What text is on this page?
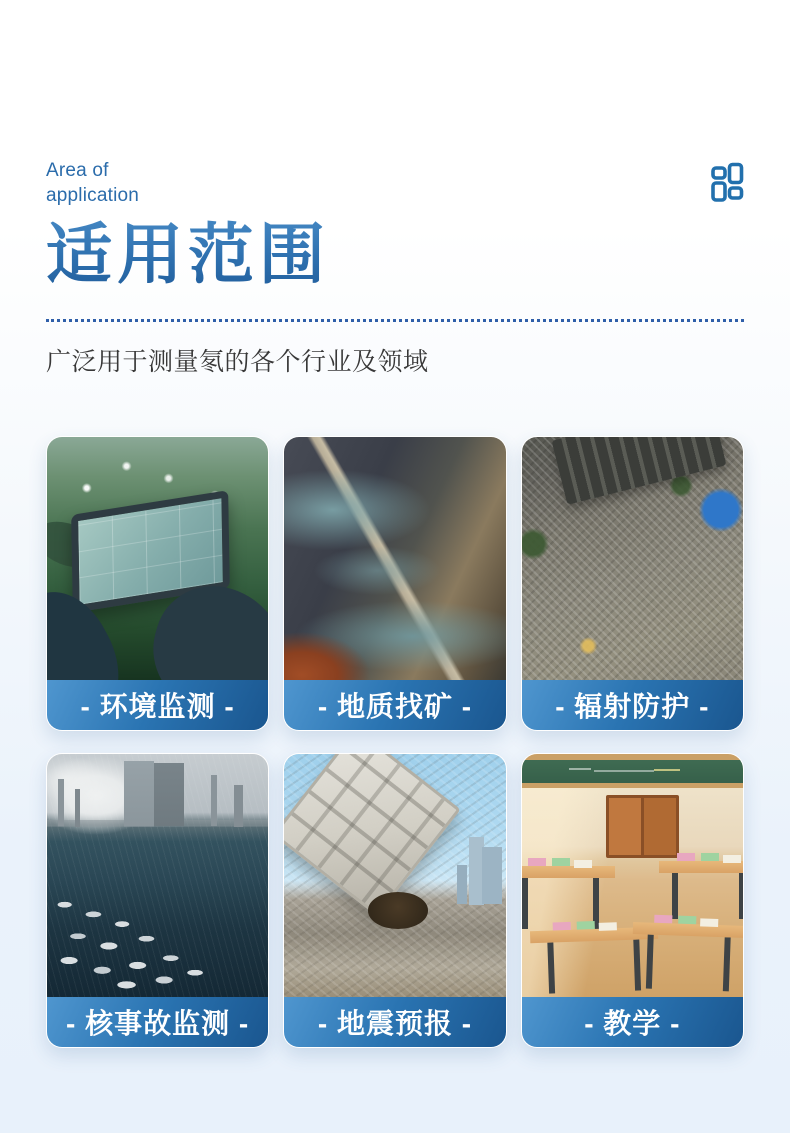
Area of
application
适用范围

广泛用于测量氡的各个行业及领域

- 环境监测 -	- 地质找矿 -	- 辐射防护 -
- 核事故监测 - - 地震预报 -	- 教学 -
